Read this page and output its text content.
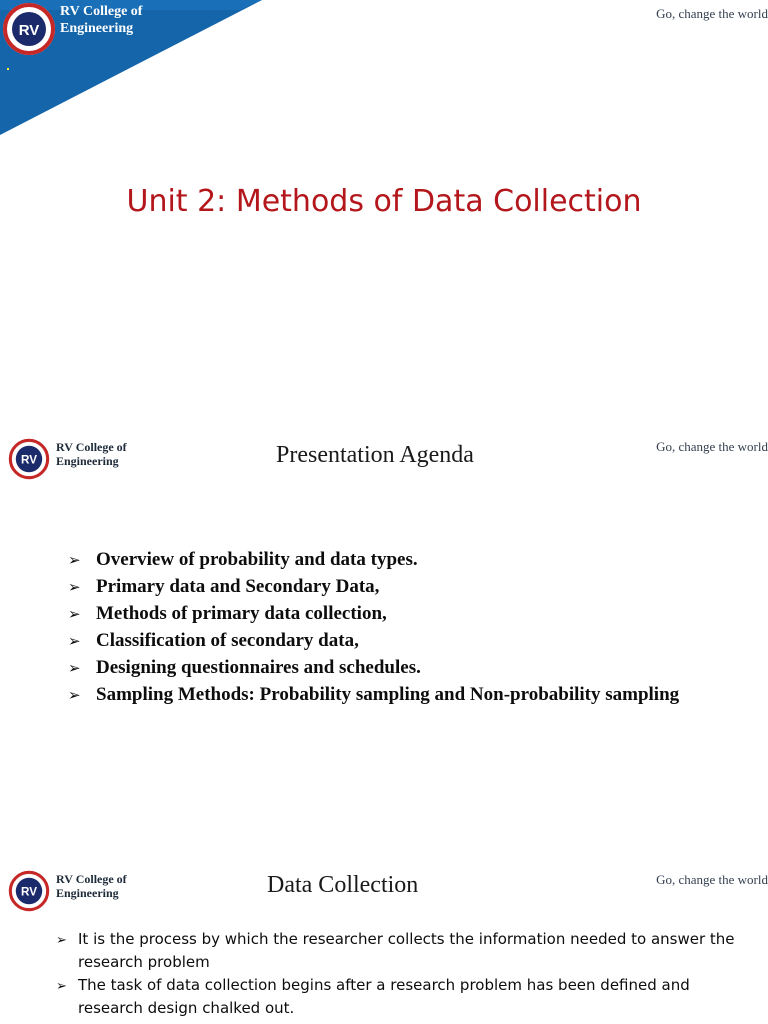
RV
RV College of
Engineering
Go, change the world
Unit 2: Methods of Data Collection
RV
RV College of
Engineering
Go, change the world
Presentation Agenda
➢ Overview of probability and data types.
➢ Primary data and Secondary Data,
➢ Methods of primary data collection,
➢ Classification of secondary data,
➢ Designing questionnaires and schedules.
➢ Sampling Methods: Probability sampling and Non-probability sampling
RV
RV College of
Engineering
Go, change the world
Data Collection
➢ It is the process by which the researcher collects the information needed to answer the research problem
➢ The task of data collection begins after a research problem has been defined and research design chalked out.
